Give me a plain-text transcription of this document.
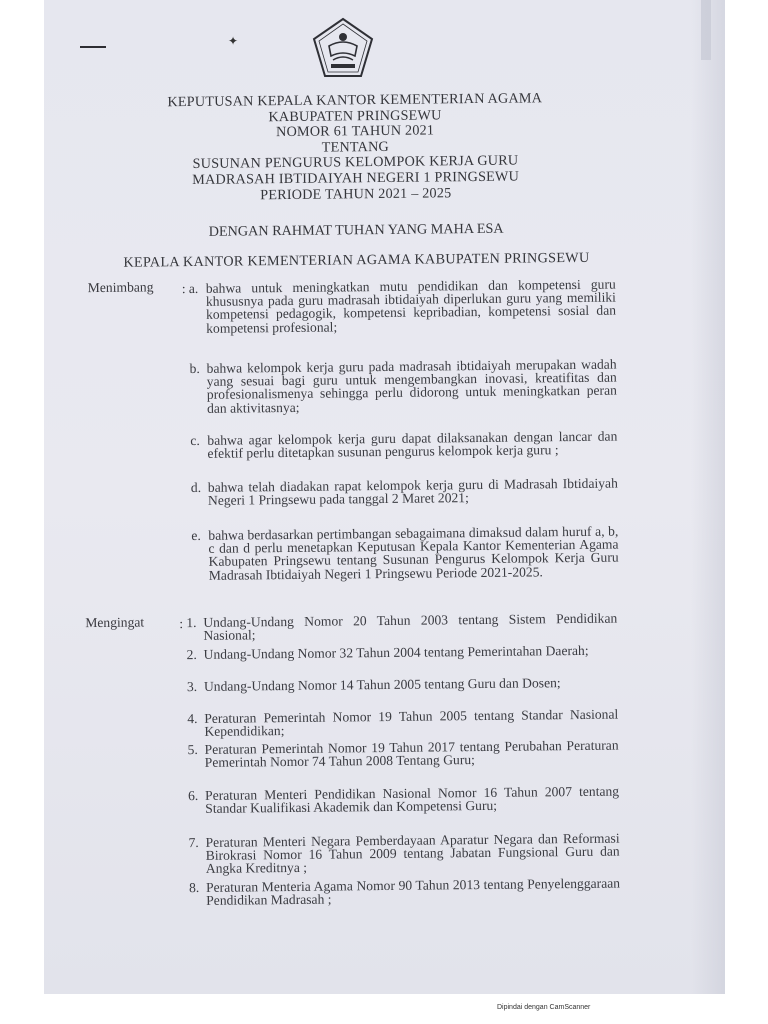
✦
KEPUTUSAN KEPALA KANTOR KEMENTERIAN AGAMA
KABUPATEN PRINGSEWU
NOMOR 61 TAHUN 2021
TENTANG
SUSUNAN PENGURUS KELOMPOK KERJA GURU
MADRASAH IBTIDAIYAH NEGERI 1 PRINGSEWU
PERIODE TAHUN 2021 – 2025
DENGAN RAHMAT TUHAN YANG MAHA ESA
KEPALA KANTOR KEMENTERIAN AGAMA KABUPATEN PRINGSEWU
Menimbang : a. bahwa untuk meningkatkan mutu pendidikan dan kompetensi guru khususnya pada guru madrasah ibtidaiyah diperlukan guru yang memiliki kompetensi pedagogik, kompetensi kepribadian, kompetensi sosial dan kompetensi profesional;
b. bahwa kelompok kerja guru pada madrasah ibtidaiyah merupakan wadah yang sesuai bagi guru untuk mengembangkan inovasi, kreatifitas dan profesionalismenya sehingga perlu didorong untuk meningkatkan peran dan aktivitasnya;
c. bahwa agar kelompok kerja guru dapat dilaksanakan dengan lancar dan efektif perlu ditetapkan susunan pengurus kelompok kerja guru ;
d. bahwa telah diadakan rapat kelompok kerja guru di Madrasah Ibtidaiyah Negeri 1 Pringsewu pada tanggal 2 Maret 2021;
e. bahwa berdasarkan pertimbangan sebagaimana dimaksud dalam huruf a, b, c dan d perlu menetapkan Keputusan Kepala Kantor Kementerian Agama Kabupaten Pringsewu tentang Susunan Pengurus Kelompok Kerja Guru Madrasah Ibtidaiyah Negeri 1 Pringsewu Periode 2021-2025.
Mengingat	: 1. Undang-Undang Nomor 20 Tahun 2003 tentang Sistem Pendidikan Nasional;
2. Undang-Undang Nomor 32 Tahun 2004 tentang Pemerintahan Daerah;
3. Undang-Undang Nomor 14 Tahun 2005 tentang Guru dan Dosen;
4. Peraturan Pemerintah Nomor 19 Tahun 2005 tentang Standar Nasional Kependidikan;
5. Peraturan Pemerintah Nomor 19 Tahun 2017 tentang Perubahan Peraturan Pemerintah Nomor 74 Tahun 2008 Tentang Guru;
6. Peraturan Menteri Pendidikan Nasional Nomor 16 Tahun 2007 tentang Standar Kualifikasi Akademik dan Kompetensi Guru;
7. Peraturan Menteri Negara Pemberdayaan Aparatur Negara dan Reformasi Birokrasi Nomor 16 Tahun 2009 tentang Jabatan Fungsional Guru dan Angka Kreditnya ;
8. Peraturan Menteria Agama Nomor 90 Tahun 2013 tentang Penyelenggaraan Pendidikan Madrasah ;
Dipindai dengan CamScanner
